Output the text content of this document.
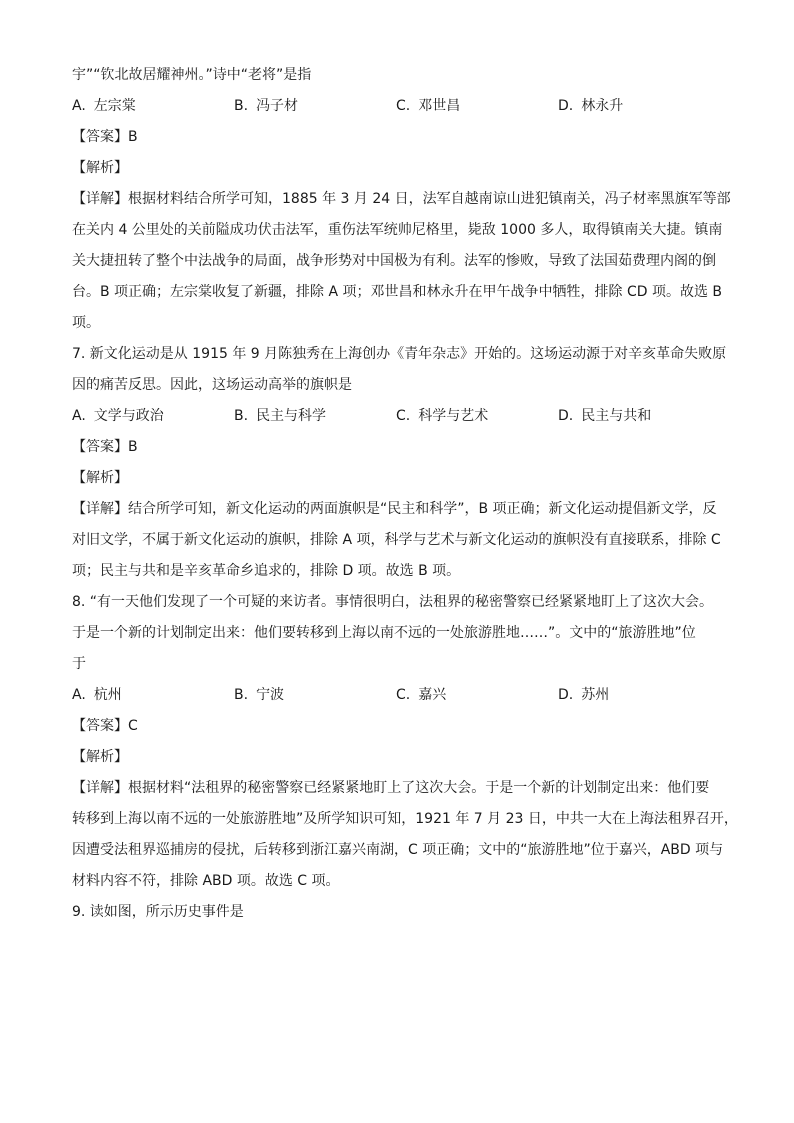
宇”“钦北故居耀神州。”诗中“老将”是指
A. 左宗棠	B. 冯子材	C. 邓世昌	D. 林永升
【答案】B
【解析】
【详解】根据材料结合所学可知，1885 年 3 月 24 日，法军自越南谅山进犯镇南关，冯子材率黑旗军等部
在关内 4 公里处的关前隘成功伏击法军，重伤法军统帅尼格里，毙敌 1000 多人，取得镇南关大捷。镇南
关大捷扭转了整个中法战争的局面，战争形势对中国极为有利。法军的惨败，导致了法国茹费理内阁的倒
台。B 项正确；左宗棠收复了新疆，排除 A 项；邓世昌和林永升在甲午战争中牺牲，排除 CD 项。故选 B
项。
7. 新文化运动是从 1915 年 9 月陈独秀在上海创办《青年杂志》开始的。这场运动源于对辛亥革命失败原
因的痛苦反思。因此，这场运动高举的旗帜是
A. 文学与政治	B. 民主与科学	C. 科学与艺术	D. 民主与共和
【答案】B
【解析】
【详解】结合所学可知，新文化运动的两面旗帜是“民主和科学”，B 项正确；新文化运动提倡新文学，反
对旧文学，不属于新文化运动的旗帜，排除 A 项，科学与艺术与新文化运动的旗帜没有直接联系，排除 C
项；民主与共和是辛亥革命乡追求的，排除 D 项。故选 B 项。
8. “有一天他们发现了一个可疑的来访者。事情很明白，法租界的秘密警察已经紧紧地盯上了这次大会。
于是一个新的计划制定出来：他们要转移到上海以南不远的一处旅游胜地……”。文中的“旅游胜地”位
于
A. 杭州	B. 宁波	C. 嘉兴	D. 苏州
【答案】C
【解析】
【详解】根据材料“法租界的秘密警察已经紧紧地盯上了这次大会。于是一个新的计划制定出来：他们要
转移到上海以南不远的一处旅游胜地”及所学知识可知，1921 年 7 月 23 日，中共一大在上海法租界召开，
因遭受法租界巡捕房的侵扰，后转移到浙江嘉兴南湖，C 项正确；文中的“旅游胜地”位于嘉兴，ABD 项与
材料内容不符，排除 ABD 项。故选 C 项。
9. 读如图，所示历史事件是
